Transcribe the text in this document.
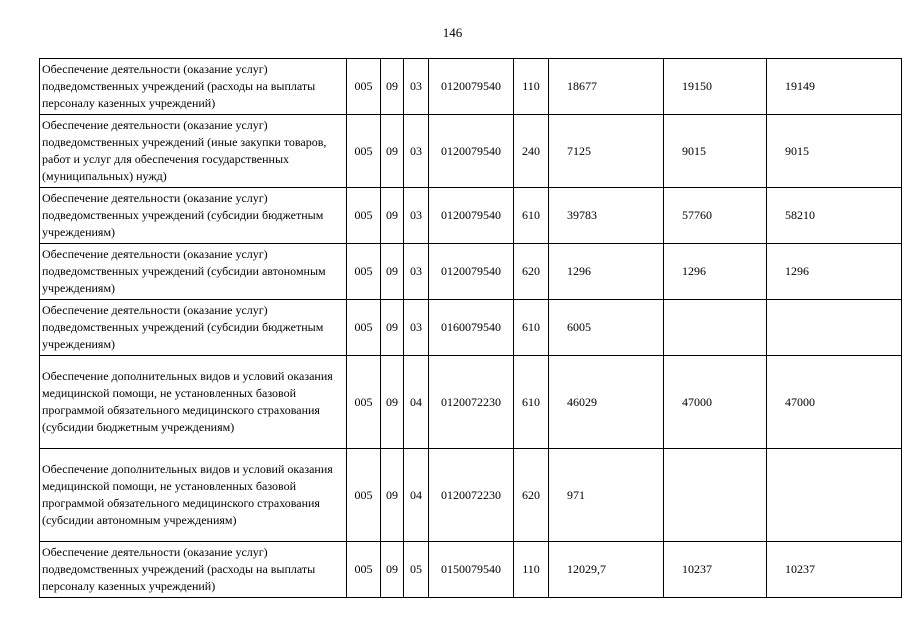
146
Обеспечение деятельности (оказание услуг) подведомственных учреждений (расходы на выплаты персоналу казенных учреждений)	005	09	03	0120079540	110	18677	19150	19149
Обеспечение деятельности (оказание услуг) подведомственных учреждений (иные закупки товаров, работ и услуг для обеспечения государственных (муниципальных) нужд)	005	09	03	0120079540	240	7125	9015	9015
Обеспечение деятельности (оказание услуг) подведомственных учреждений (субсидии бюджетным учреждениям)	005	09	03	0120079540	610	39783	57760	58210
Обеспечение деятельности (оказание услуг) подведомственных учреждений (субсидии автономным учреждениям)	005	09	03	0120079540	620	1296	1296	1296
Обеспечение деятельности (оказание услуг) подведомственных учреждений (субсидии бюджетным учреждениям)	005	09	03	0160079540	610	6005		
Обеспечение дополнительных видов и условий оказания медицинской помощи, не установленных базовой программой обязательного медицинского страхования (субсидии бюджетным учреждениям)	005	09	04	0120072230	610	46029	47000	47000
Обеспечение дополнительных видов и условий оказания медицинской помощи, не установленных базовой программой обязательного медицинского страхования (субсидии автономным учреждениям)	005	09	04	0120072230	620	971		
Обеспечение деятельности (оказание услуг) подведомственных учреждений (расходы на выплаты персоналу казенных учреждений)	005	09	05	0150079540	110	12029,7	10237	10237
